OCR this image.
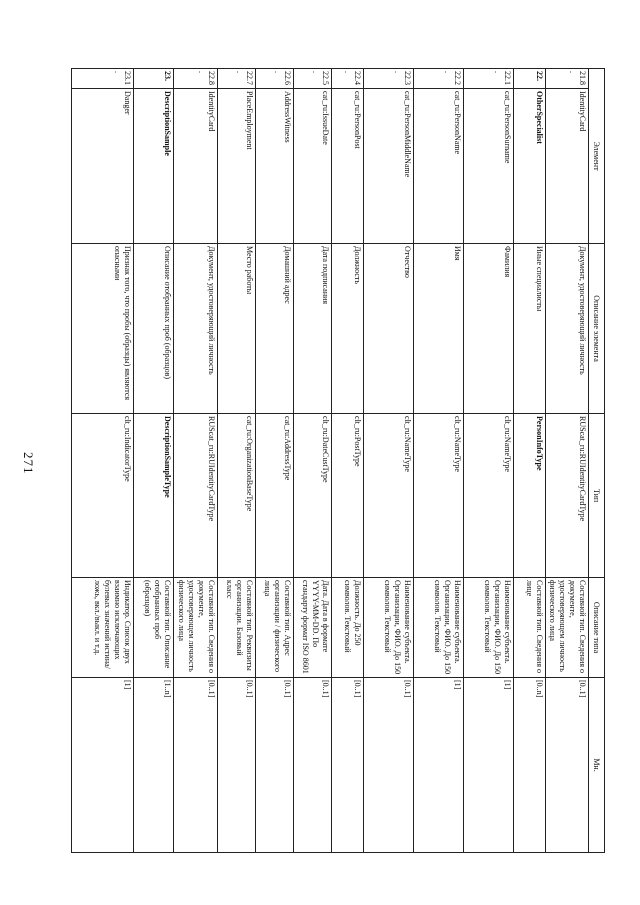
271
Элемент		Описание элемента	Тип	Описание типа	Мн.
21.8.	IdentityCard	Документ, удостоверяющий личность	RUScat_ru:RUIdentityCardType	Составной тип. Сведения о документе, удостоверяющем личность физического лица	[0..1]
22.	OtherSpecialist	Иные специалисты	PersonInfoType	Составной тип. Сведения о лице	[0..n]
22.1.	cat_ru:PersonSurname	Фамилия	clt_ru:NameType	Наименование субъекта. Организации, ФИО. До 150 символов. Текстовый	[1]
22.2.	cat_ru:PersonName	Имя	clt_ru:NameType	Наименование субъекта. Организации, ФИО. До 150 символов. Текстовый	[1]
22.3.	cat_ru:PersonMiddleName	Отчество	clt_ru:NameType	Наименование субъекта. Организации, ФИО. До 150 символов. Текстовый	[0..1]
22.4.	cat_ru:PersonPost	Должность	clt_ru:PostType	Должность. До 250 символов. Текстовый	[0..1]
22.5.	cat_ru:IssueDate	Дата подписания	clt_ru:DateCustType	Дата. Дата в формате YYYY-MM-DD. По стандарту формат ISO 8601	[0..1]
22.6.	AddressWitness	Домашний адрес	cat_ru:AddressType	Составной тип. Адрес организации / физического лица	[0..1]
22.7.	PlaceEmployment	Место работы	cat_ru:OrganizationBaseType	Составной тип. Реквизиты организации. Базовый класс	[0..1]
22.8.	IdentityCard	Документ, удостоверяющий личность	RUScat_ru:RUIdentityCardType	Составной тип. Сведения о документе, удостоверяющем личность физического лица	[0..1]
23.	DescriptionSample	Описание отобранных проб (образцов)	DescriptionSampleType	Составной тип. Описание отобранных проб (образцов)	[1..n]
23.1.	Danger	Признак того, что пробы (образцы) являются опасными	clt_ru:IndicatorType	Индикатор. Список двух взаимно исключающих булевых значений истина/ложь, вкл./выкл. и т.д.	[1]
